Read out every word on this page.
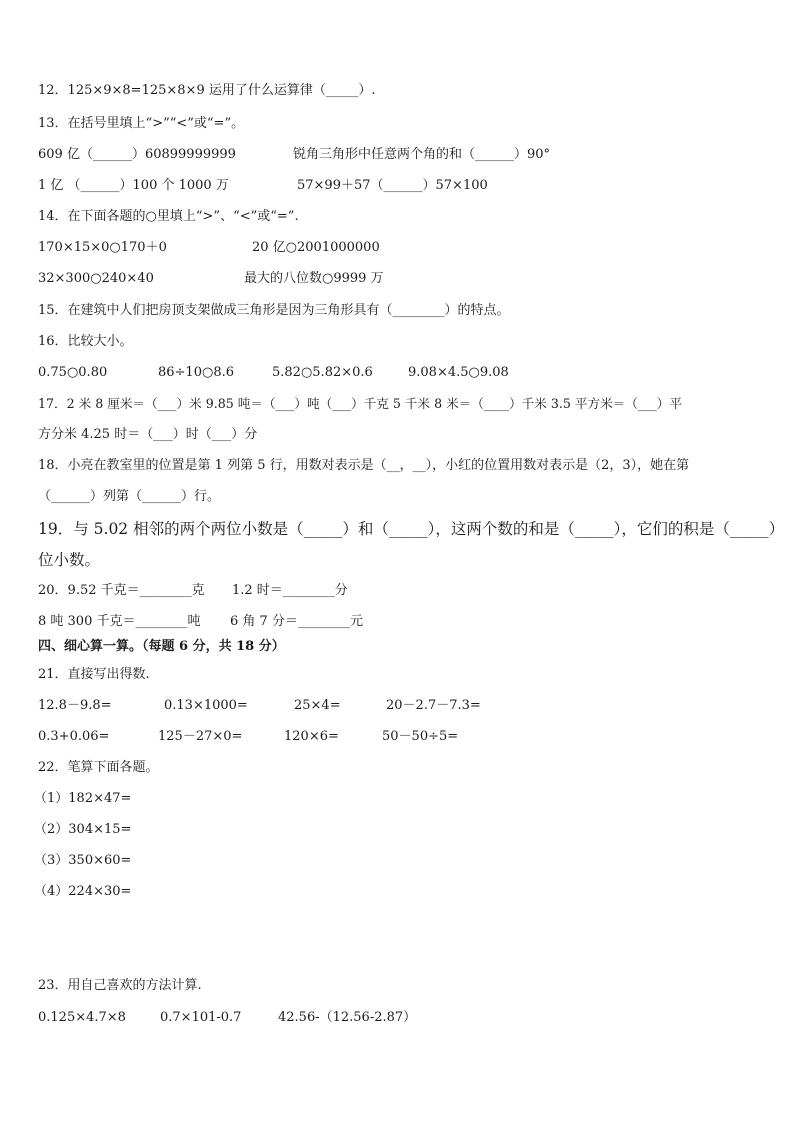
12．125×9×8=125×8×9 运用了什么运算律（_____）.
13．在括号里填上“>”“<”或“=”。
609 亿（______）60899999999	锐角三角形中任意两个角的和（______）90°
1 亿 （______）100 个 1000 万	57×99＋57（______）57×100
14．在下面各题的○里填上“>”、“<”或“=”.
170×15×0○170＋0	20 亿○2001000000
32×300○240×40	最大的八位数○9999 万
15．在建筑中人们把房顶支架做成三角形是因为三角形具有（________）的特点。
16．比较大小。
0.75○0.80	86÷10○8.6	5.82○5.82×0.6	9.08×4.5○9.08
17．2 米 8 厘米＝（___）米 9.85 吨＝（___）吨（___）千克 5 千米 8 米＝（____）千米 3.5 平方米＝（___）平
方分米 4.25 时＝（___）时（___）分
18．小亮在教室里的位置是第 1 列第 5 行，用数对表示是（__，__），小红的位置用数对表示是（2，3），她在第
（______）列第（______）行。
19．与 5.02 相邻的两个两位小数是（_____）和（_____），这两个数的和是（_____），它们的积是（_____）
位小数。
20．9.52 千克＝________克 1.2 时＝________分
8 吨 300 千克＝________吨 6 角 7 分＝________元
四、细心算一算。（每题 6 分，共 18 分）
21．直接写出得数.
12.8－9.8=	0.13×1000=	25×4=	20－2.7－7.3=
0.3+0.06=	125－27×0=	120×6=	50－50÷5=
22．笔算下面各题。
（1）182×47=
（2）304×15=
（3）350×60=
（4）224×30=
23．用自己喜欢的方法计算.
0.125×4.7×8	0.7×101-0.7	42.56-（12.56-2.87）
